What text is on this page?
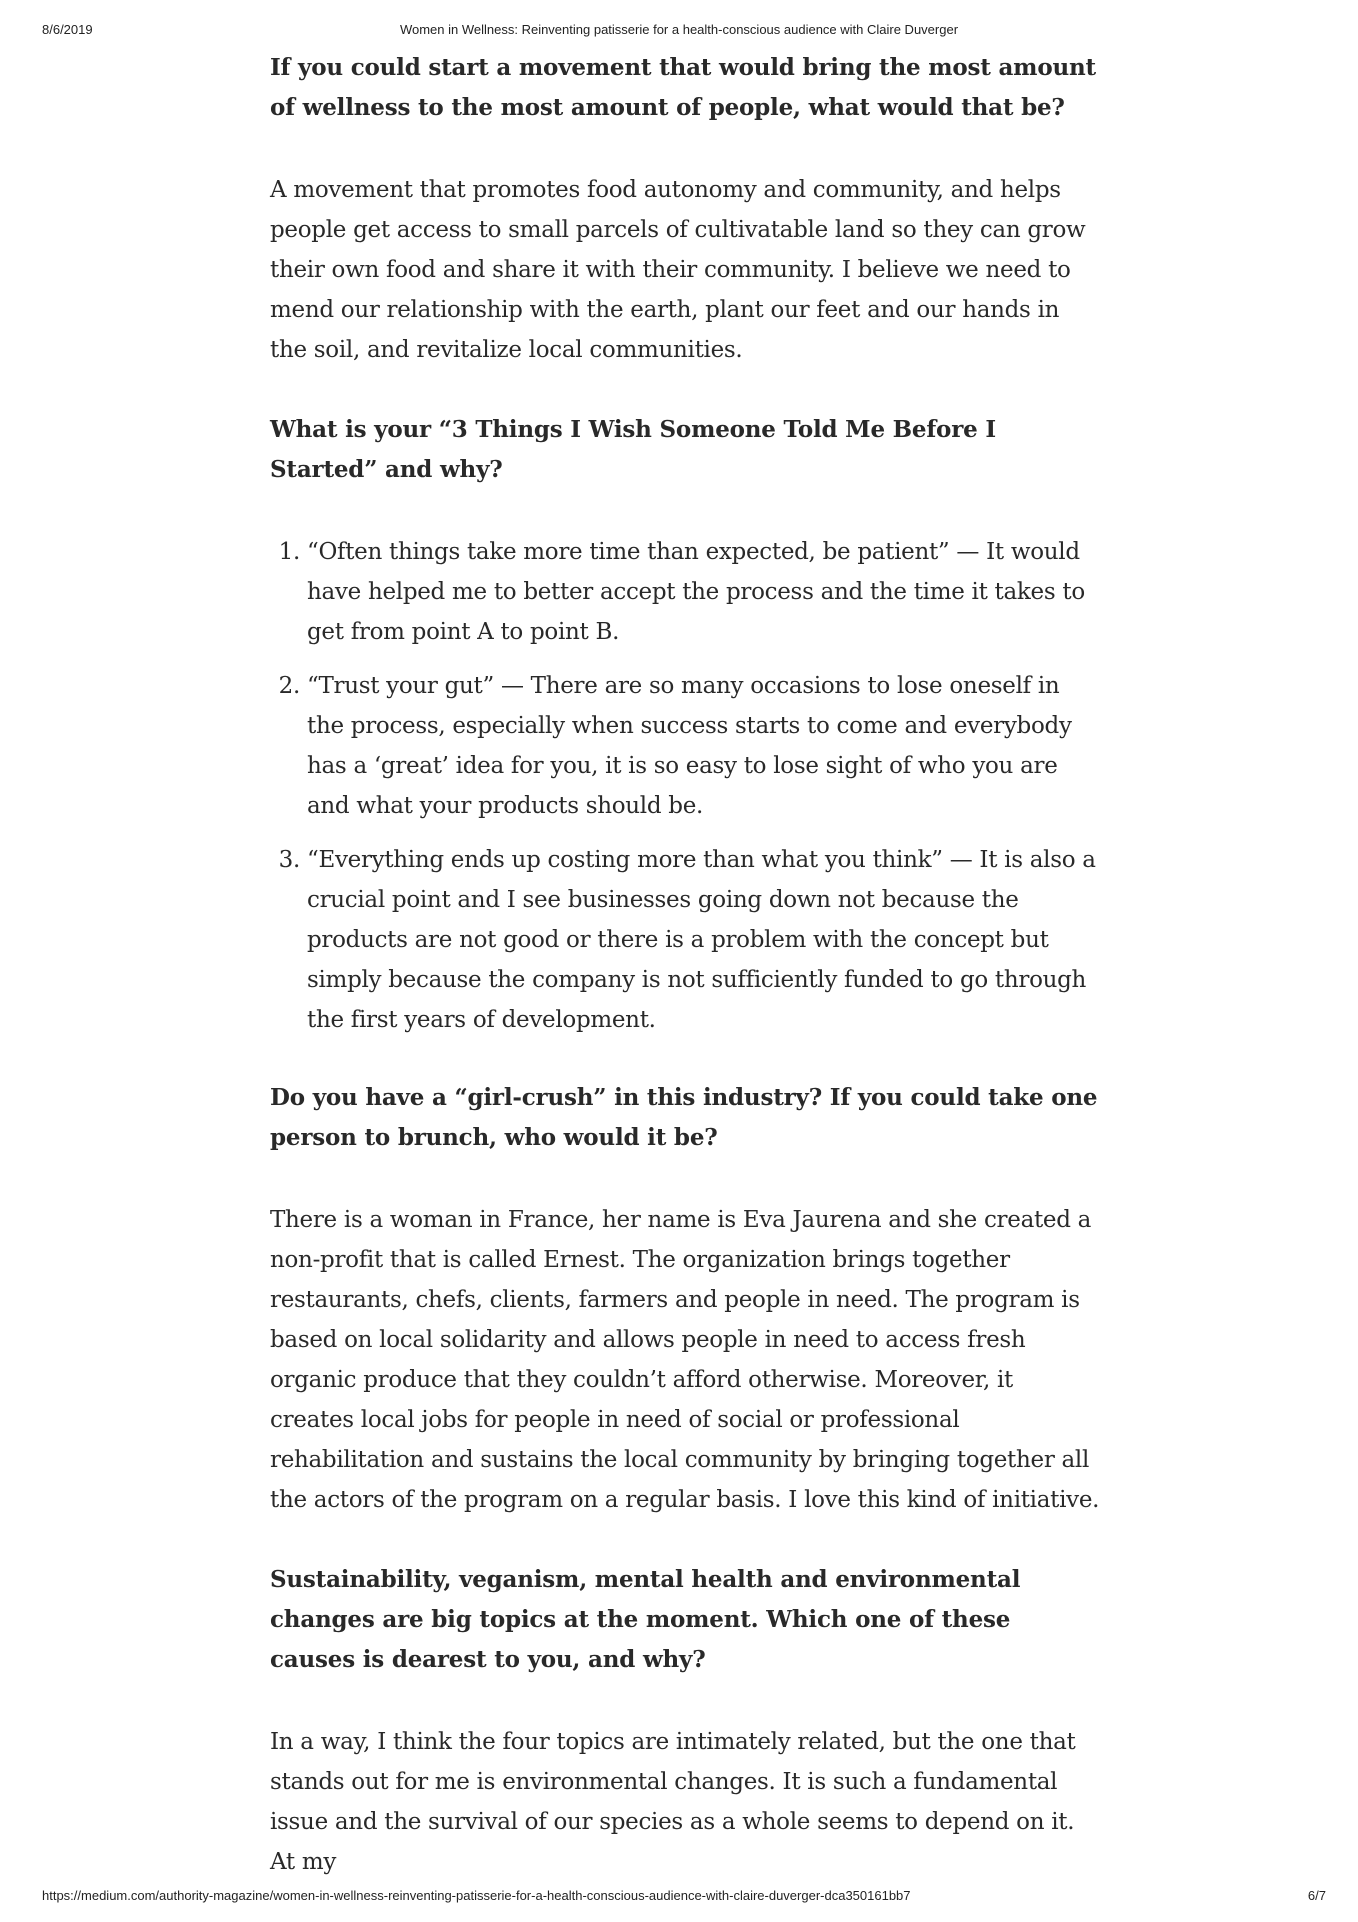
8/6/2019	Women in Wellness: Reinventing patisserie for a health-conscious audience with Claire Duverger
If you could start a movement that would bring the most amount of wellness to the most amount of people, what would that be?

A movement that promotes food autonomy and community, and helps people get access to small parcels of cultivatable land so they can grow their own food and share it with their community. I believe we need to mend our relationship with the earth, plant our feet and our hands in the soil, and revitalize local communities.

What is your “3 Things I Wish Someone Told Me Before I Started” and why?
1. “Often things take more time than expected, be patient” — It would have helped me to better accept the process and the time it takes to get from point A to point B.
2. “Trust your gut” — There are so many occasions to lose oneself in the process, especially when success starts to come and everybody has a ‘great’ idea for you, it is so easy to lose sight of who you are and what your products should be.
3. “Everything ends up costing more than what you think” — It is also a crucial point and I see businesses going down not because the products are not good or there is a problem with the concept but simply because the company is not sufficiently funded to go through the first years of development.
Do you have a “girl-crush” in this industry? If you could take one person to brunch, who would it be?

There is a woman in France, her name is Eva Jaurena and she created a non-profit that is called Ernest. The organization brings together restaurants, chefs, clients, farmers and people in need. The program is based on local solidarity and allows people in need to access fresh organic produce that they couldn’t afford otherwise. Moreover, it creates local jobs for people in need of social or professional rehabilitation and sustains the local community by bringing together all the actors of the program on a regular basis. I love this kind of initiative.

Sustainability, veganism, mental health and environmental changes are big topics at the moment. Which one of these causes is dearest to you, and why?

In a way, I think the four topics are intimately related, but the one that stands out for me is environmental changes. It is such a fundamental issue and the survival of our species as a whole seems to depend on it. At my

https://medium.com/authority-magazine/women-in-wellness-reinventing-patisserie-for-a-health-conscious-audience-with-claire-duverger-dca350161bb7	6/7
